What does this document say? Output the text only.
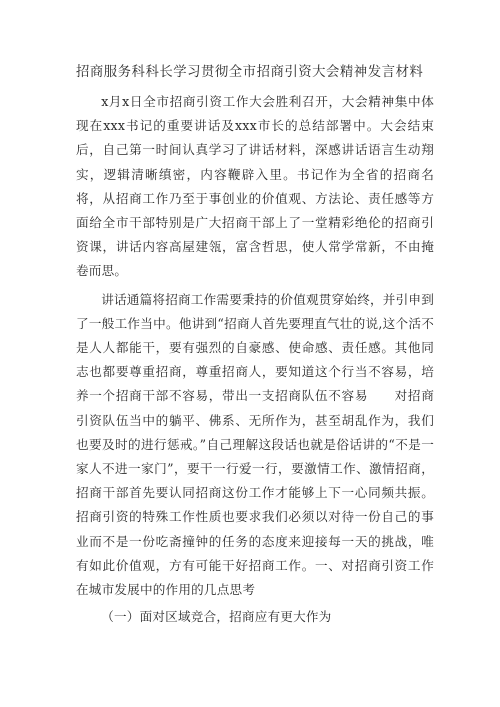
招商服务科科长学习贯彻全市招商引资大会精神发言材料

x月x日全市招商引资工作大会胜利召开，大会精神集中体现在xxx书记的重要讲话及xxx市长的总结部署中。大会结束后，自己第一时间认真学习了讲话材料，深感讲话语言生动翔实，逻辑清晰缜密，内容鞭辟入里。书记作为全省的招商名将，从招商工作乃至于事创业的价值观、方法论、责任感等方面给全市干部特别是广大招商干部上了一堂精彩绝伦的招商引资课，讲话内容高屋建瓴，富含哲思，使人常学常新，不由掩卷而思。

讲话通篇将招商工作需要秉持的价值观贯穿始终，并引申到了一般工作当中。他讲到“招商人首先要理直气壮的说,这个活不是人人都能干，要有强烈的自豪感、使命感、责任感。其他同志也都要尊重招商，尊重招商人，要知道这个行当不容易，培养一个招商干部不容易，带出一支招商队伍不容易　　对招商引资队伍当中的躺平、佛系、无所作为，甚至胡乱作为，我们也要及时的进行惩戒。”自己理解这段话也就是俗话讲的“不是一家人不进一家门”，要干一行爱一行，要激情工作、激情招商，招商干部首先要认同招商这份工作才能够上下一心同频共振。招商引资的特殊工作性质也要求我们必须以对待一份自己的事业而不是一份吃斋撞钟的任务的态度来迎接每一天的挑战，唯有如此价值观，方有可能干好招商工作。一、对招商引资工作在城市发展中的作用的几点思考

（一）面对区域竞合，招商应有更大作为
